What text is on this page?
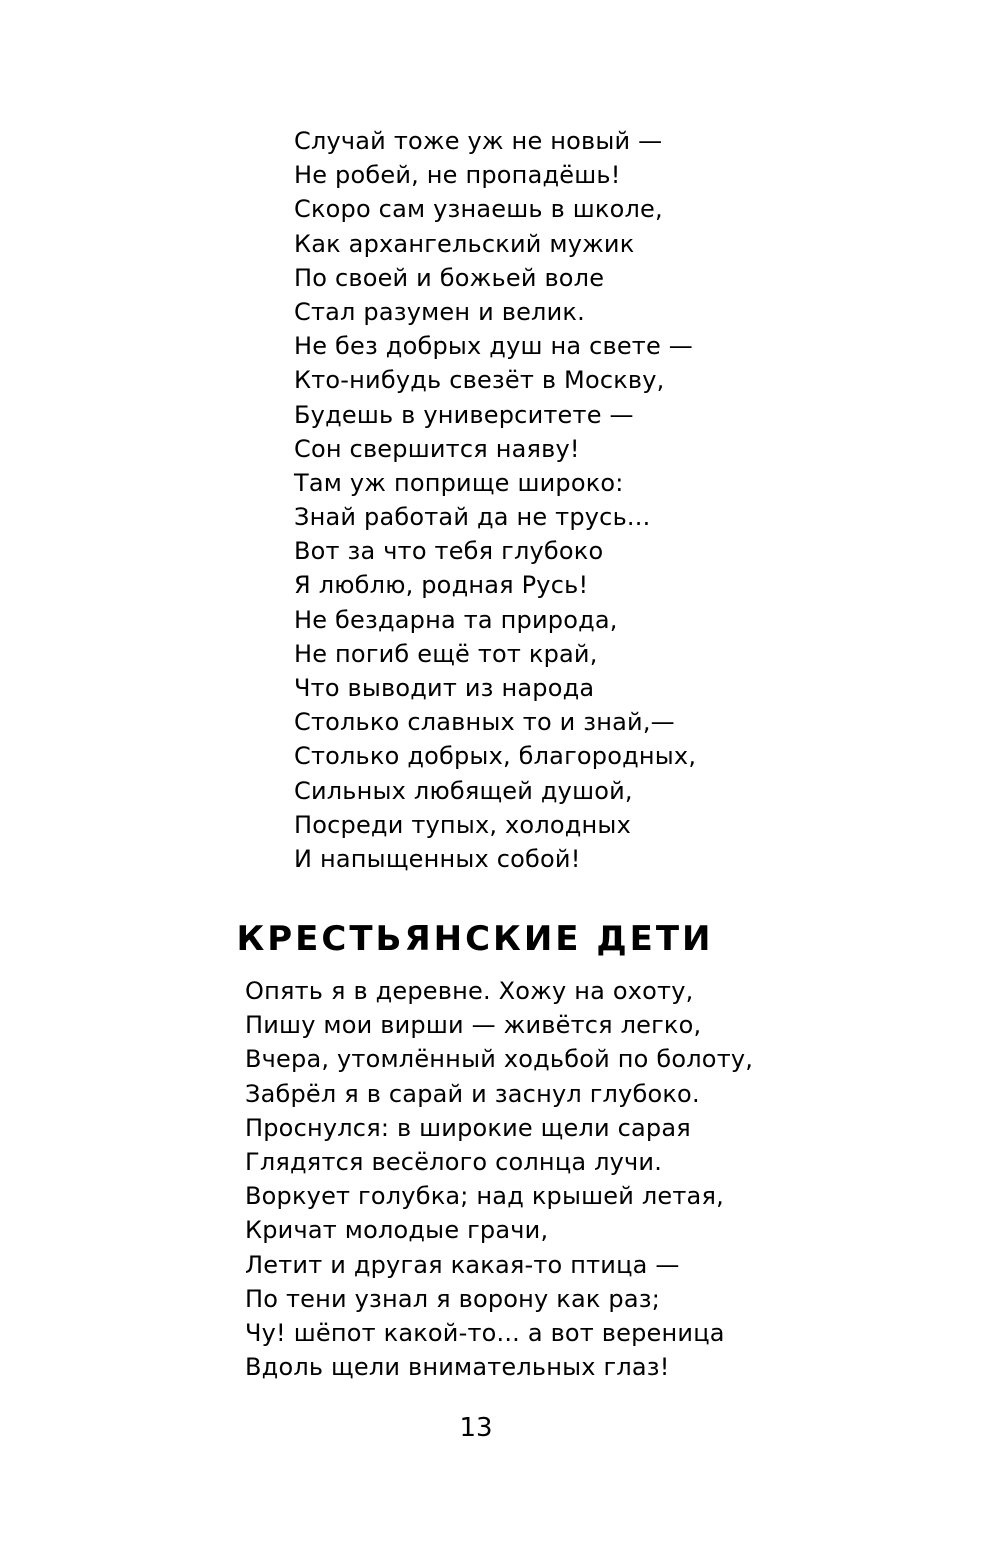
Случай тоже уж не новый —
Не робей, не пропадёшь!
Скоро сам узнаешь в школе,
Как архангельский мужик
По своей и божьей воле
Стал разумен и велик.
Не без добрых душ на свете —
Кто-нибудь свезёт в Москву,
Будешь в университете —
Сон свершится наяву!
Там уж поприще широко:
Знай работай да не трусь...
Вот за что тебя глубоко
Я люблю, родная Русь!
Не бездарна та природа,
Не погиб ещё тот край,
Что выводит из народа
Столько славных то и знай,—
Столько добрых, благородных,
Сильных любящей душой,
Посреди тупых, холодных
И напыщенных собой!
КРЕСТЬЯНСКИЕ ДЕТИ
Опять я в деревне. Хожу на охоту,
Пишу мои вирши — живётся легко,
Вчера, утомлённый ходьбой по болоту,
Забрёл я в сарай и заснул глубоко.
Проснулся: в широкие щели сарая
Глядятся весёлого солнца лучи.
Воркует голубка; над крышей летая,
Кричат молодые грачи,
Летит и другая какая-то птица —
По тени узнал я ворону как раз;
Чу! шёпот какой-то... а вот вереница
Вдоль щели внимательных глаз!
13
